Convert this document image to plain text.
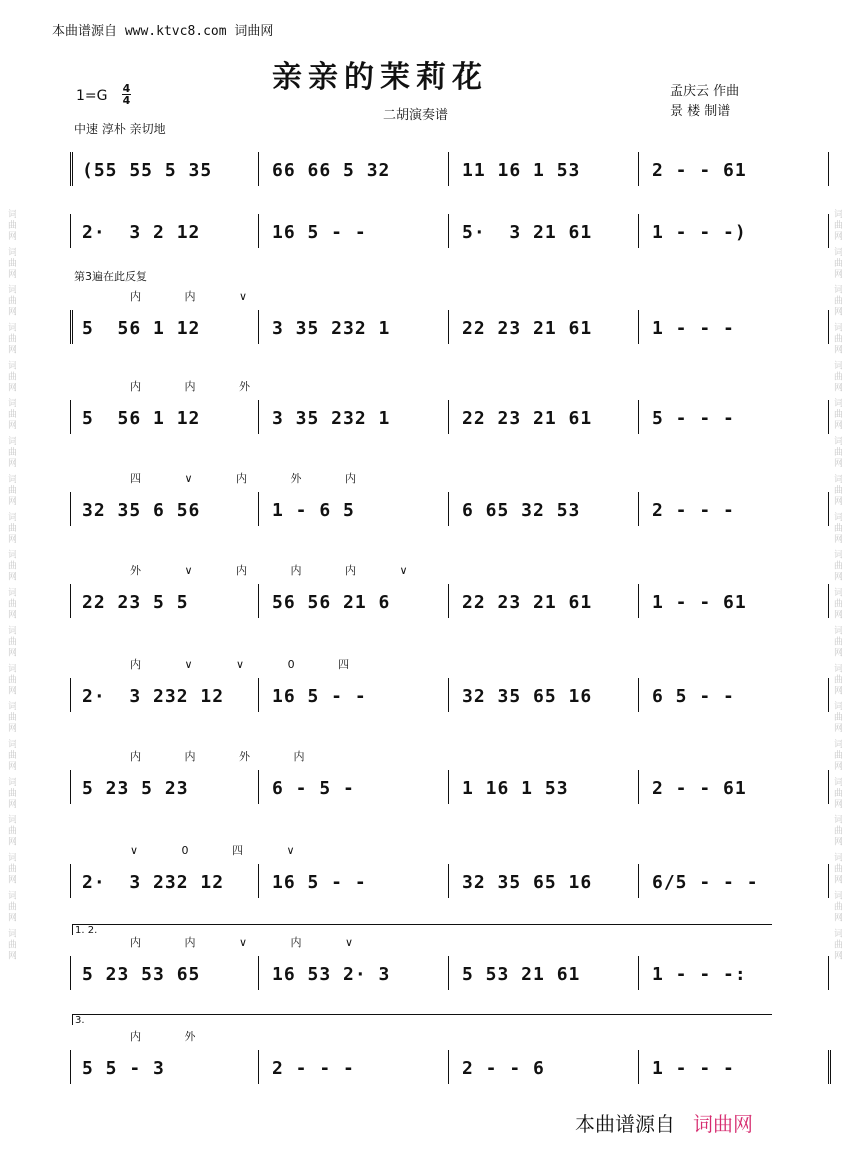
词曲网 词曲网 词曲网 词曲网 词曲网 词曲网 词曲网 词曲网 词曲网 词曲网 词曲网 词曲网 词曲网 词曲网 词曲网 词曲网 词曲网 词曲网 词曲网 词曲网	词曲网 词曲网 词曲网 词曲网 词曲网 词曲网 词曲网 词曲网 词曲网 词曲网 词曲网 词曲网 词曲网 词曲网 词曲网 词曲网 词曲网 词曲网 词曲网 词曲网
本曲谱源自 www.ktvc8.com 词曲网
亲亲的茉莉花
二胡演奏谱
1=G 4
4
中速 淳朴 亲切地
孟庆云 作曲
景 楼 制谱
(55 55 5 35	66 66 5 32	11 16 1 53	2 - - 61
2·  3 2 12	16 5 - -	5·  3 21 61	1 - - -)
第3遍在此反复
内 内 ∨
5  56 1 12	3 35 232 1	22 23 21 61	1 - - -
内 内 外
5  56 1 12	3 35 232 1	22 23 21 61	5 - - -
四 ∨ 内 外 内
32 35 6 56	1 - 6 5	6 65 32 53	2 - - -
外 ∨ 内 内 内 ∨
22 23 5 5	56 56 21 6	22 23 21 61	1 - - 61
内 ∨ ∨ 0 四
2·  3 232 12	16 5 - -	32 35 65 16	6 5 - -
内 内 外 内
5 23 5 23	6 - 5 -	1 16 1 53	2 - - 61
∨ 0 四 ∨
2·  3 232 12	16 5 - -	32 35 65 16	6/5 - - -
1. 2.
内 内 ∨ 内 ∨
5 23 53 65	16 53 2· 3	5 53 21 61	1 - - -:
3.
内 外
5 5 - 3	2 - - -	2 - - 6	1 - - -
本曲谱源自 词曲网
